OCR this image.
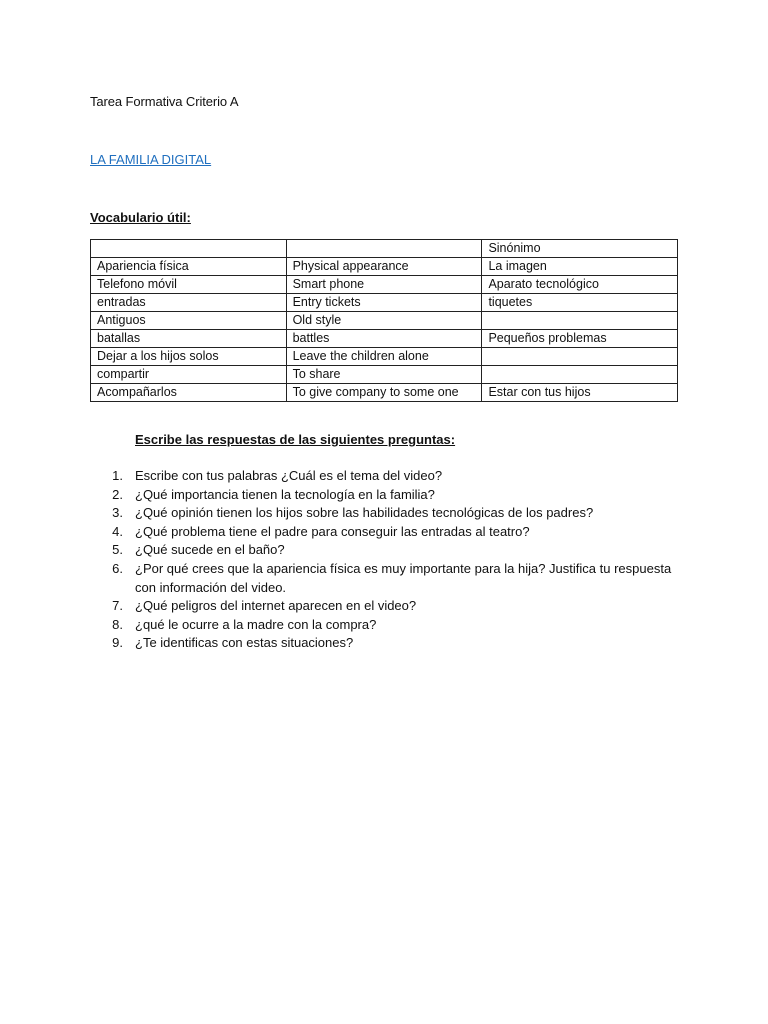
Tarea Formativa Criterio A
LA FAMILIA DIGITAL
Vocabulario útil:
		Sinónimo
Apariencia física	Physical appearance	La imagen
Telefono móvil	Smart phone	Aparato tecnológico
entradas	Entry tickets	tiquetes
Antiguos	Old style	
batallas	battles	Pequeños problemas
Dejar a los hijos solos	Leave the children alone	
compartir	To share	
Acompañarlos	To give company to some one	Estar con tus hijos
Escribe las respuestas de las siguientes preguntas:
1. Escribe con tus palabras ¿Cuál es el tema del video?
2. ¿Qué importancia tienen la tecnología en la familia?
3. ¿Qué opinión tienen los hijos sobre las habilidades tecnológicas de los padres?
4. ¿Qué problema tiene el padre para conseguir las entradas al teatro?
5. ¿Qué sucede en el baño?
6. ¿Por qué crees que la apariencia física es muy importante para la hija? Justifica tu respuesta con información del video.
7. ¿Qué peligros del internet aparecen en el video?
8. ¿qué le ocurre a la madre con la compra?
9. ¿Te identificas con estas situaciones?
